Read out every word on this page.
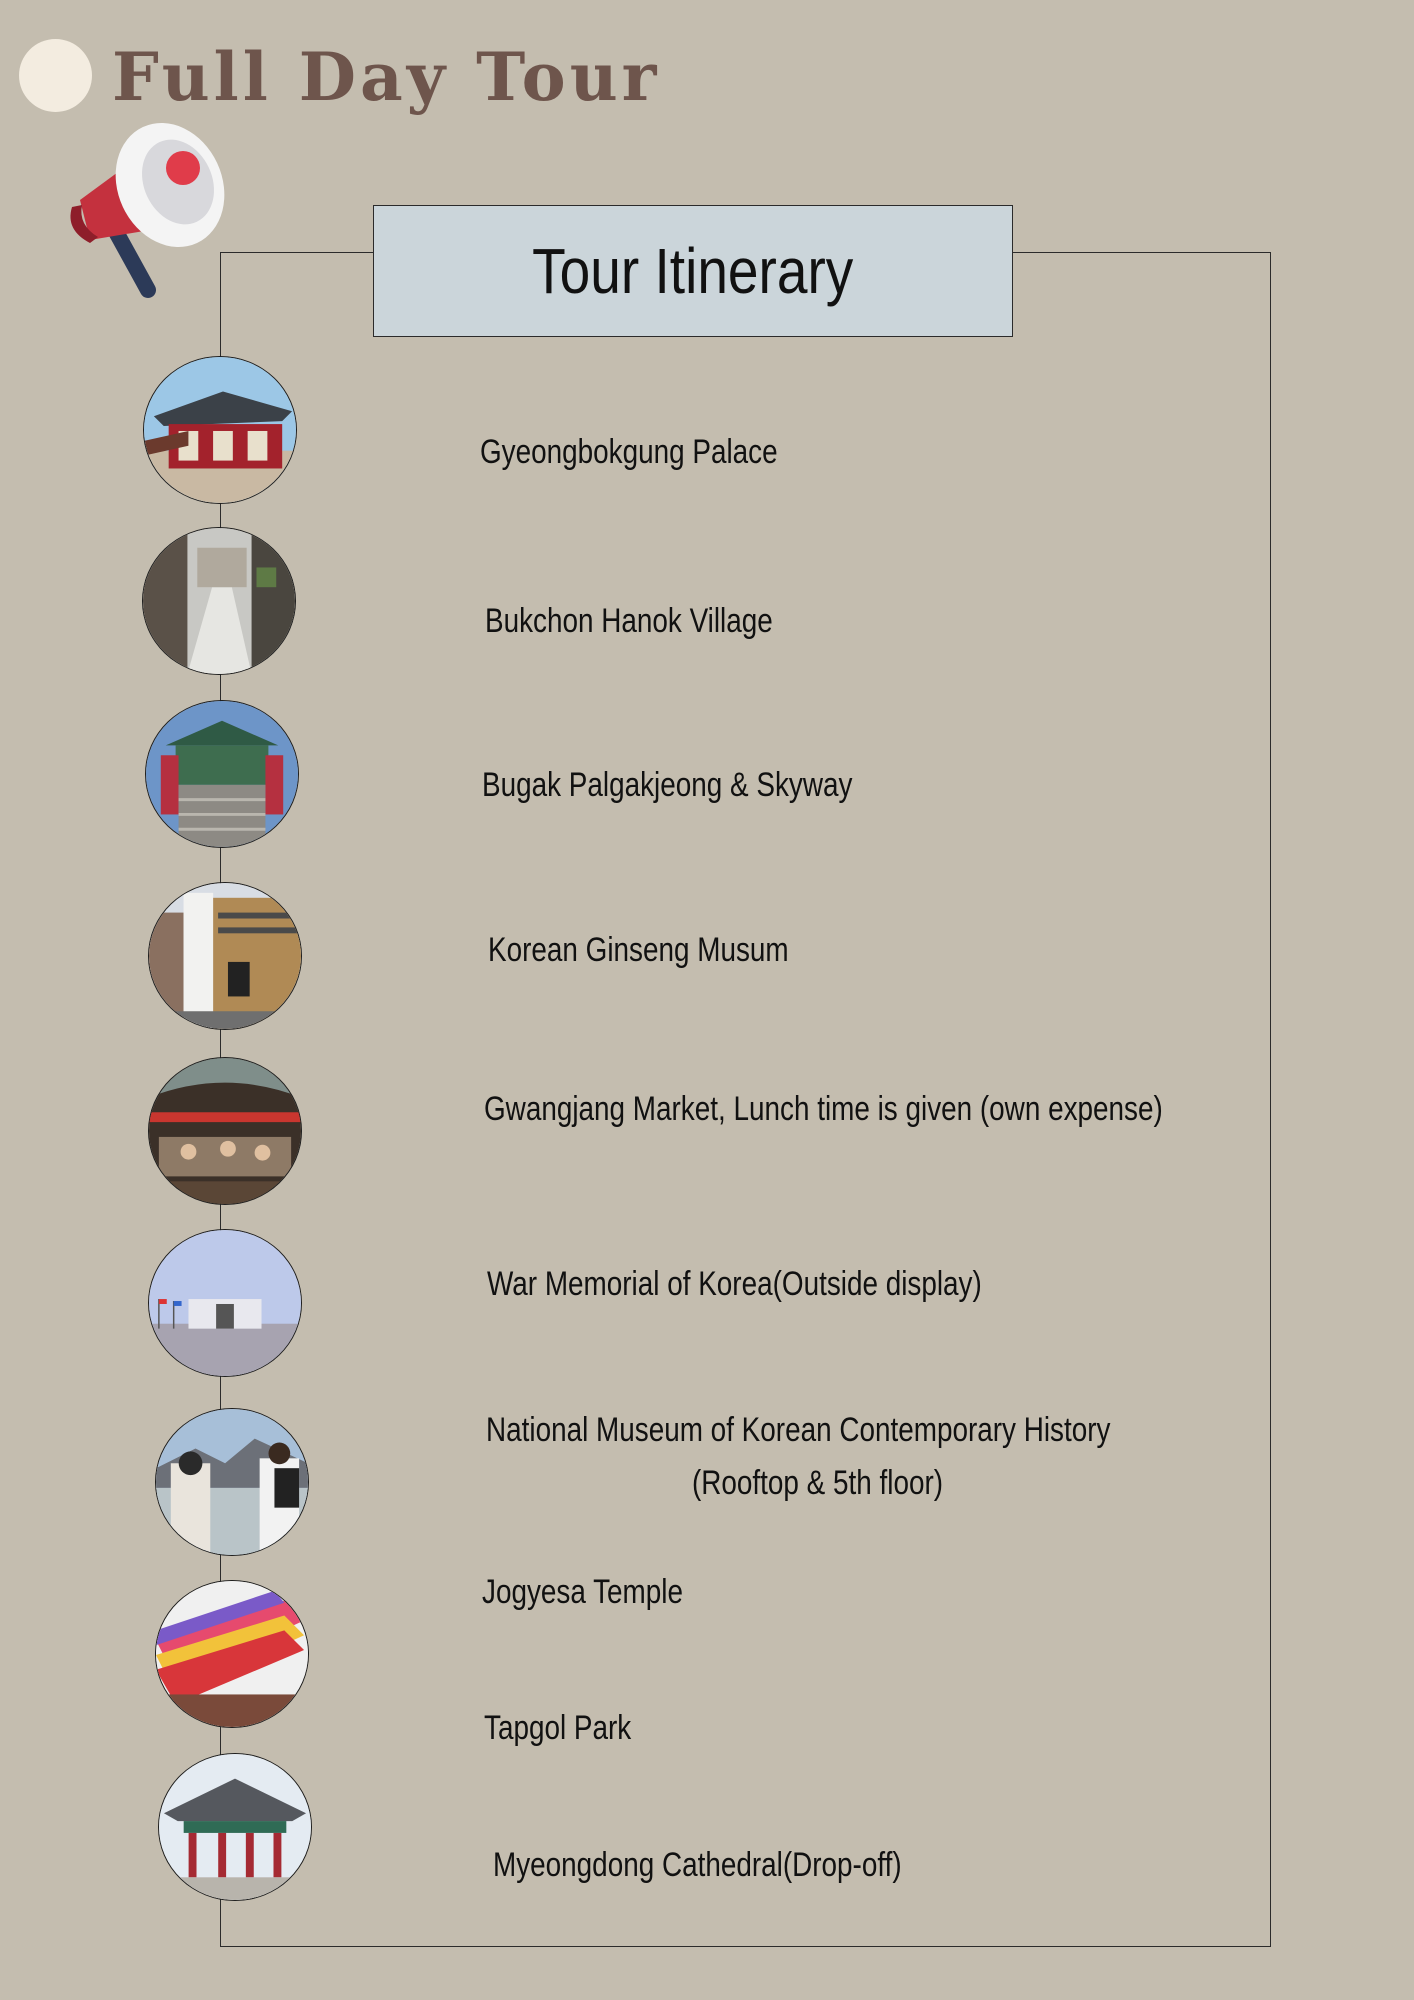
Full Day Tour
Tour Itinerary
Gyeongbokgung Palace
Bukchon Hanok Village
Bugak Palgakjeong & Skyway
Korean Ginseng Musum
Gwangjang Market, Lunch time is given (own expense)
War Memorial of Korea(Outside display)
National Museum of Korean Contemporary History
(Rooftop & 5th floor)
Jogyesa Temple
Tapgol Park
Myeongdong Cathedral(Drop-off)
